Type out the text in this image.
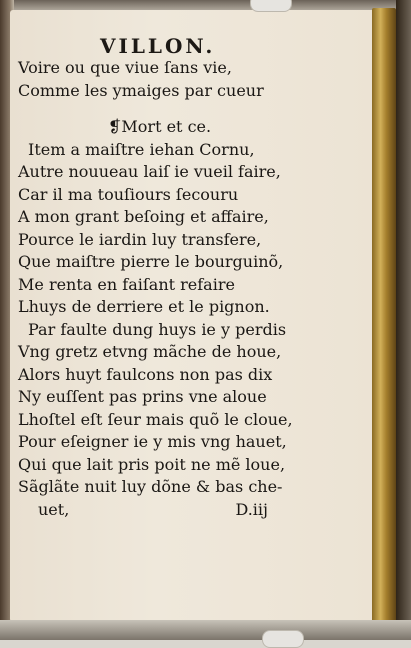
VILLON.
Voire ou que viue ſans vie,
Comme les ymaiges par cueur
❡Mort et ce.
Item a maiſtre iehan Cornu,
Autre nouueau laiſ ie vueil faire,
Car il ma touſiours ſecouru
A mon grant beſoing et affaire,
Pource le iardin luy transfere,
Que maiſtre pierre le bourguinõ,
Me renta en faiſant refaire
Lhuys de derriere et le pignon.
Par faulte dung huys ie y perdis
Vng gretz etvng mãche de houe,
Alors huyt faulcons non pas dix
Ny euſſent pas prins vne aloue
Lhoſtel eſt ſeur mais quõ le cloue,
Pour eſeigner ie y mis vng hauet,
Qui que lait pris poit ne mẽ loue,
Sãglãte nuit luy dõne & bas che-
uet,	D.iij
